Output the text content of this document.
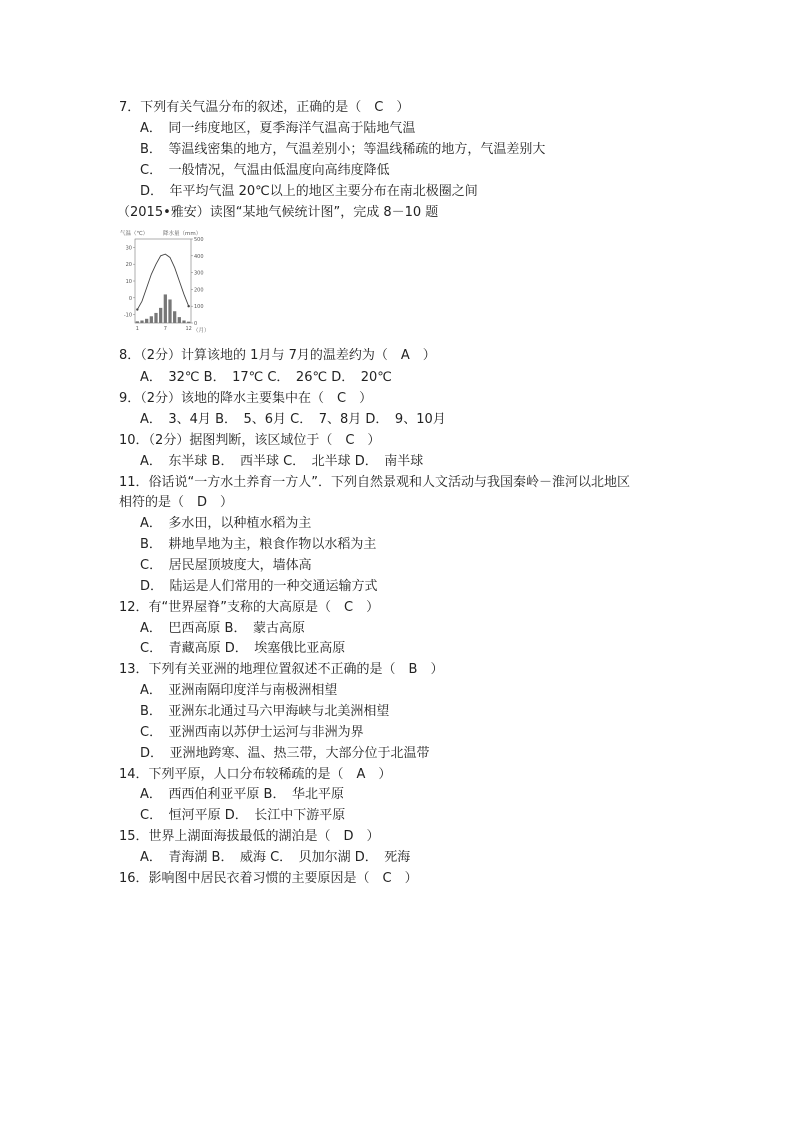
7．下列有关气温分布的叙述，正确的是（　C　）
A．　同一纬度地区，夏季海洋气温高于陆地气温
B．　等温线密集的地方，气温差别小；等温线稀疏的地方，气温差别大
C．　一般情况，气温由低温度向高纬度降低
D．　年平均气温 20℃以上的地区主要分布在南北极圈之间
（2015•雅安）读图“某地气候统计图”，完成 8－10 题
气温（℃）	降水量（mm）
30
20
10
0
-10
500
400
300
200
100
0
1	7	12 （月）
8．（2分）计算该地的 1月与 7月的温差约为（　A　）
A．　32℃ B．　17℃ C．　26℃ D．　20℃
9．（2分）该地的降水主要集中在（　C　）
A．　3、4月 B．　5、6月 C．　7、8月 D．　9、10月
10．（2分）据图判断，该区域位于（　C　）
A．　东半球 B．　西半球 C．　北半球 D．　南半球
11．俗话说“一方水土养育一方人”．下列自然景观和人文活动与我国秦岭－淮河以北地区
相符的是（　D　）
A．　多水田，以种植水稻为主
B．　耕地旱地为主，粮食作物以水稻为主
C．　居民屋顶坡度大，墙体高
D．　陆运是人们常用的一种交通运输方式
12．有“世界屋脊”支称的大高原是（　C　）
A．　巴西高原 B．　蒙古高原
C．　青藏高原 D．　埃塞俄比亚高原
13．下列有关亚洲的地理位置叙述不正确的是（　B　）
A．　亚洲南隔印度洋与南极洲相望
B．　亚洲东北通过马六甲海峡与北美洲相望
C．　亚洲西南以苏伊士运河与非洲为界
D．　亚洲地跨寒、温、热三带，大部分位于北温带
14．下列平原，人口分布较稀疏的是（　A　）
A．　西西伯利亚平原 B．　华北平原
C．　恒河平原 D．　长江中下游平原
15．世界上湖面海拔最低的湖泊是（　D　）
A．　青海湖 B．　威海 C．　贝加尔湖 D．　死海
16．影响图中居民衣着习惯的主要原因是（　C　）
